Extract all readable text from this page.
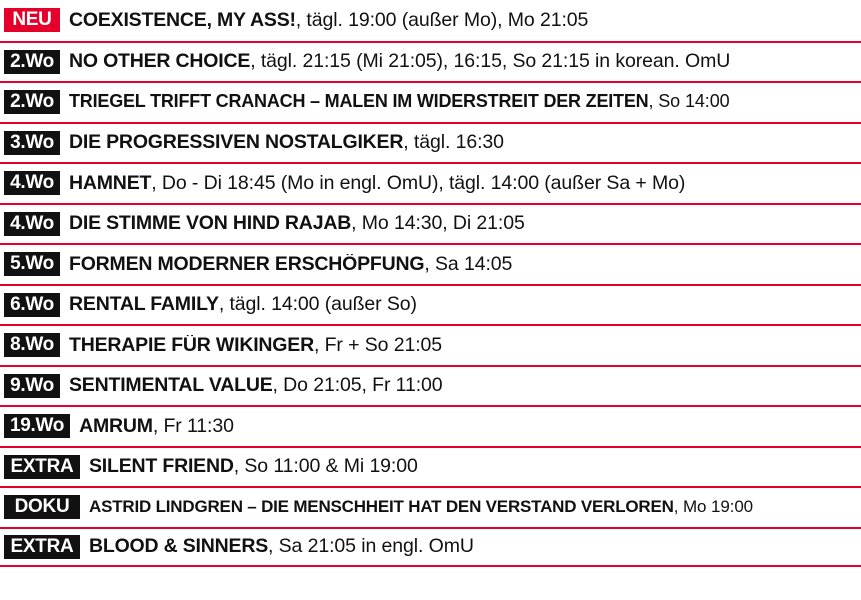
NEU COEXISTENCE, MY ASS!, tägl. 19:00 (außer Mo), Mo 21:05
2.Wo NO OTHER CHOICE, tägl. 21:15 (Mi 21:05), 16:15, So 21:15 in korean. OmU
2.Wo TRIEGEL TRIFFT CRANACH – MALEN IM WIDERSTREIT DER ZEITEN, So 14:00
3.Wo DIE PROGRESSIVEN NOSTALGIKER, tägl. 16:30
4.Wo HAMNET, Do - Di 18:45 (Mo in engl. OmU), tägl. 14:00 (außer Sa + Mo)
4.Wo DIE STIMME VON HIND RAJAB, Mo 14:30, Di 21:05
5.Wo FORMEN MODERNER ERSCHÖPFUNG, Sa 14:05
6.Wo RENTAL FAMILY, tägl. 14:00 (außer So)
8.Wo THERAPIE FÜR WIKINGER, Fr + So 21:05
9.Wo SENTIMENTAL VALUE, Do 21:05, Fr 11:00
19.Wo AMRUM, Fr 11:30
EXTRA SILENT FRIEND, So 11:00 & Mi 19:00
DOKU	ASTRID LINDGREN – DIE MENSCHHEIT HAT DEN VERSTAND VERLOREN, Mo 19:00
EXTRA BLOOD & SINNERS, Sa 21:05 in engl. OmU
